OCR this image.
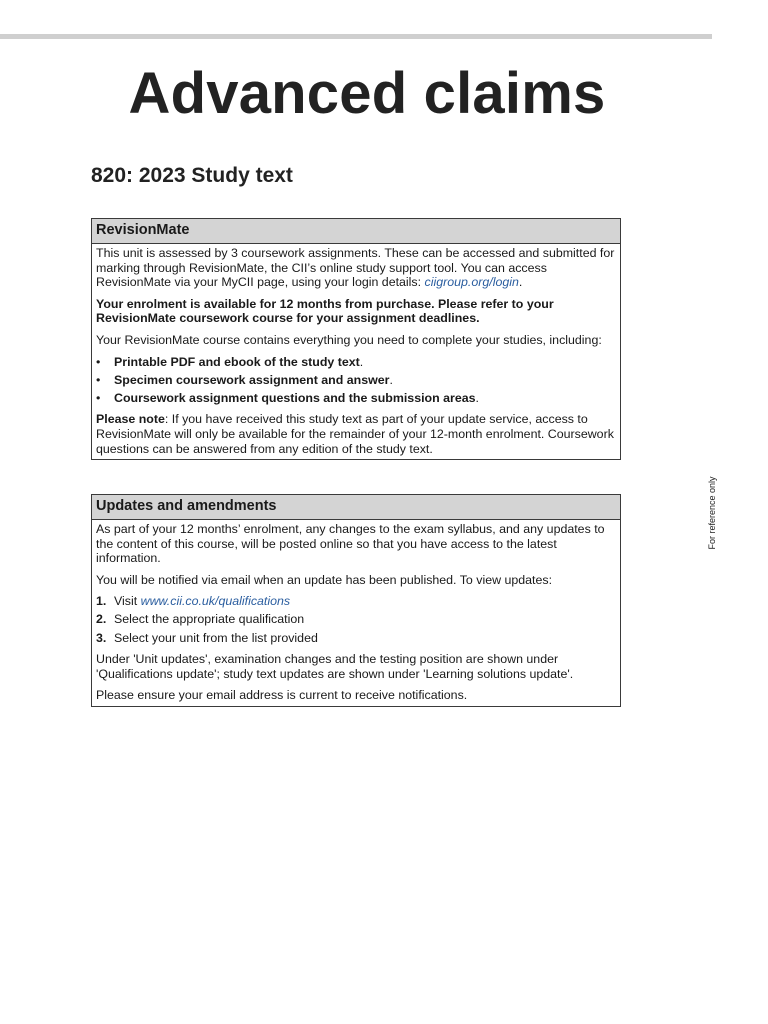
Advanced claims
820: 2023 Study text
RevisionMate

This unit is assessed by 3 coursework assignments. These can be accessed and submitted for marking through RevisionMate, the CII’s online study support tool. You can access RevisionMate via your MyCII page, using your login details: ciigroup.org/login.

Your enrolment is available for 12 months from purchase. Please refer to your RevisionMate coursework course for your assignment deadlines.

Your RevisionMate course contains everything you need to complete your studies, including:

• Printable PDF and ebook of the study text.
• Specimen coursework assignment and answer.
• Coursework assignment questions and the submission areas.

Please note: If you have received this study text as part of your update service, access to RevisionMate will only be available for the remainder of your 12-month enrolment. Coursework questions can be answered from any edition of the study text.

Updates and amendments

As part of your 12 months’ enrolment, any changes to the exam syllabus, and any updates to the content of this course, will be posted online so that you have access to the latest information.

You will be notified via email when an update has been published. To view updates:

1. Visit www.cii.co.uk/qualifications
2. Select the appropriate qualification
3. Select your unit from the list provided

Under 'Unit updates', examination changes and the testing position are shown under 'Qualifications update'; study text updates are shown under 'Learning solutions update'.

Please ensure your email address is current to receive notifications.

For reference only
